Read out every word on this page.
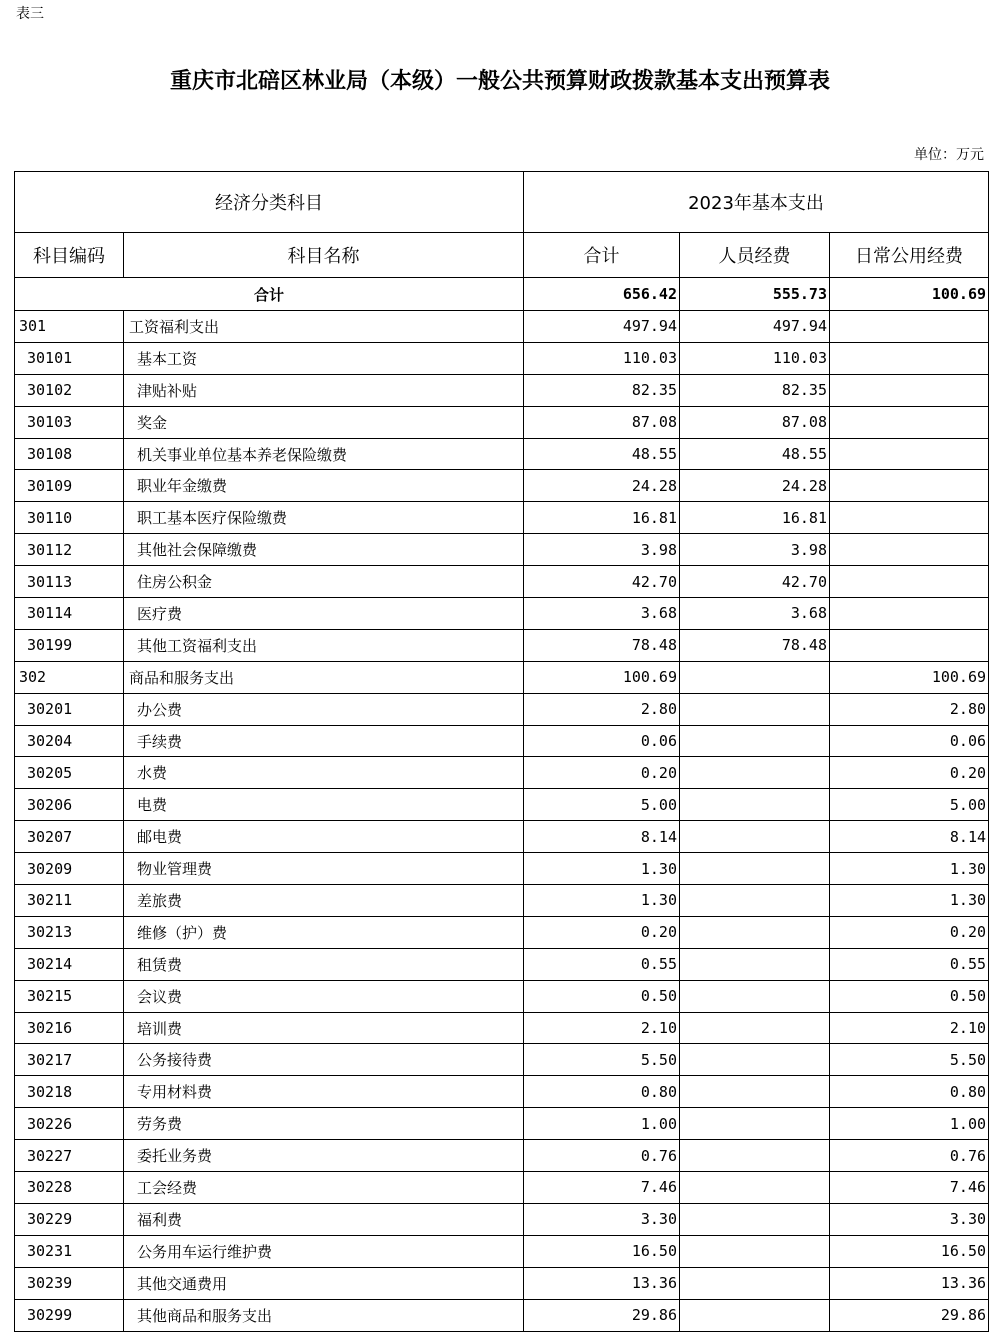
表三
重庆市北碚区林业局（本级）一般公共预算财政拨款基本支出预算表
单位：万元
经济分类科目		2023年基本支出		
科目编码	科目名称	合计	人员经费	日常公用经费
合计		656.42	555.73	100.69
301	工资福利支出	497.94	497.94	
30101	基本工资	110.03	110.03	
30102	津贴补贴	82.35	82.35	
30103	奖金	87.08	87.08	
30108	机关事业单位基本养老保险缴费	48.55	48.55	
30109	职业年金缴费	24.28	24.28	
30110	职工基本医疗保险缴费	16.81	16.81	
30112	其他社会保障缴费	3.98	3.98	
30113	住房公积金	42.70	42.70	
30114	医疗费	3.68	3.68	
30199	其他工资福利支出	78.48	78.48	
302	商品和服务支出	100.69		100.69
30201	办公费	2.80		2.80
30204	手续费	0.06		0.06
30205	水费	0.20		0.20
30206	电费	5.00		5.00
30207	邮电费	8.14		8.14
30209	物业管理费	1.30		1.30
30211	差旅费	1.30		1.30
30213	维修（护）费	0.20		0.20
30214	租赁费	0.55		0.55
30215	会议费	0.50		0.50
30216	培训费	2.10		2.10
30217	公务接待费	5.50		5.50
30218	专用材料费	0.80		0.80
30226	劳务费	1.00		1.00
30227	委托业务费	0.76		0.76
30228	工会经费	7.46		7.46
30229	福利费	3.30		3.30
30231	公务用车运行维护费	16.50		16.50
30239	其他交通费用	13.36		13.36
30299	其他商品和服务支出	29.86		29.86
